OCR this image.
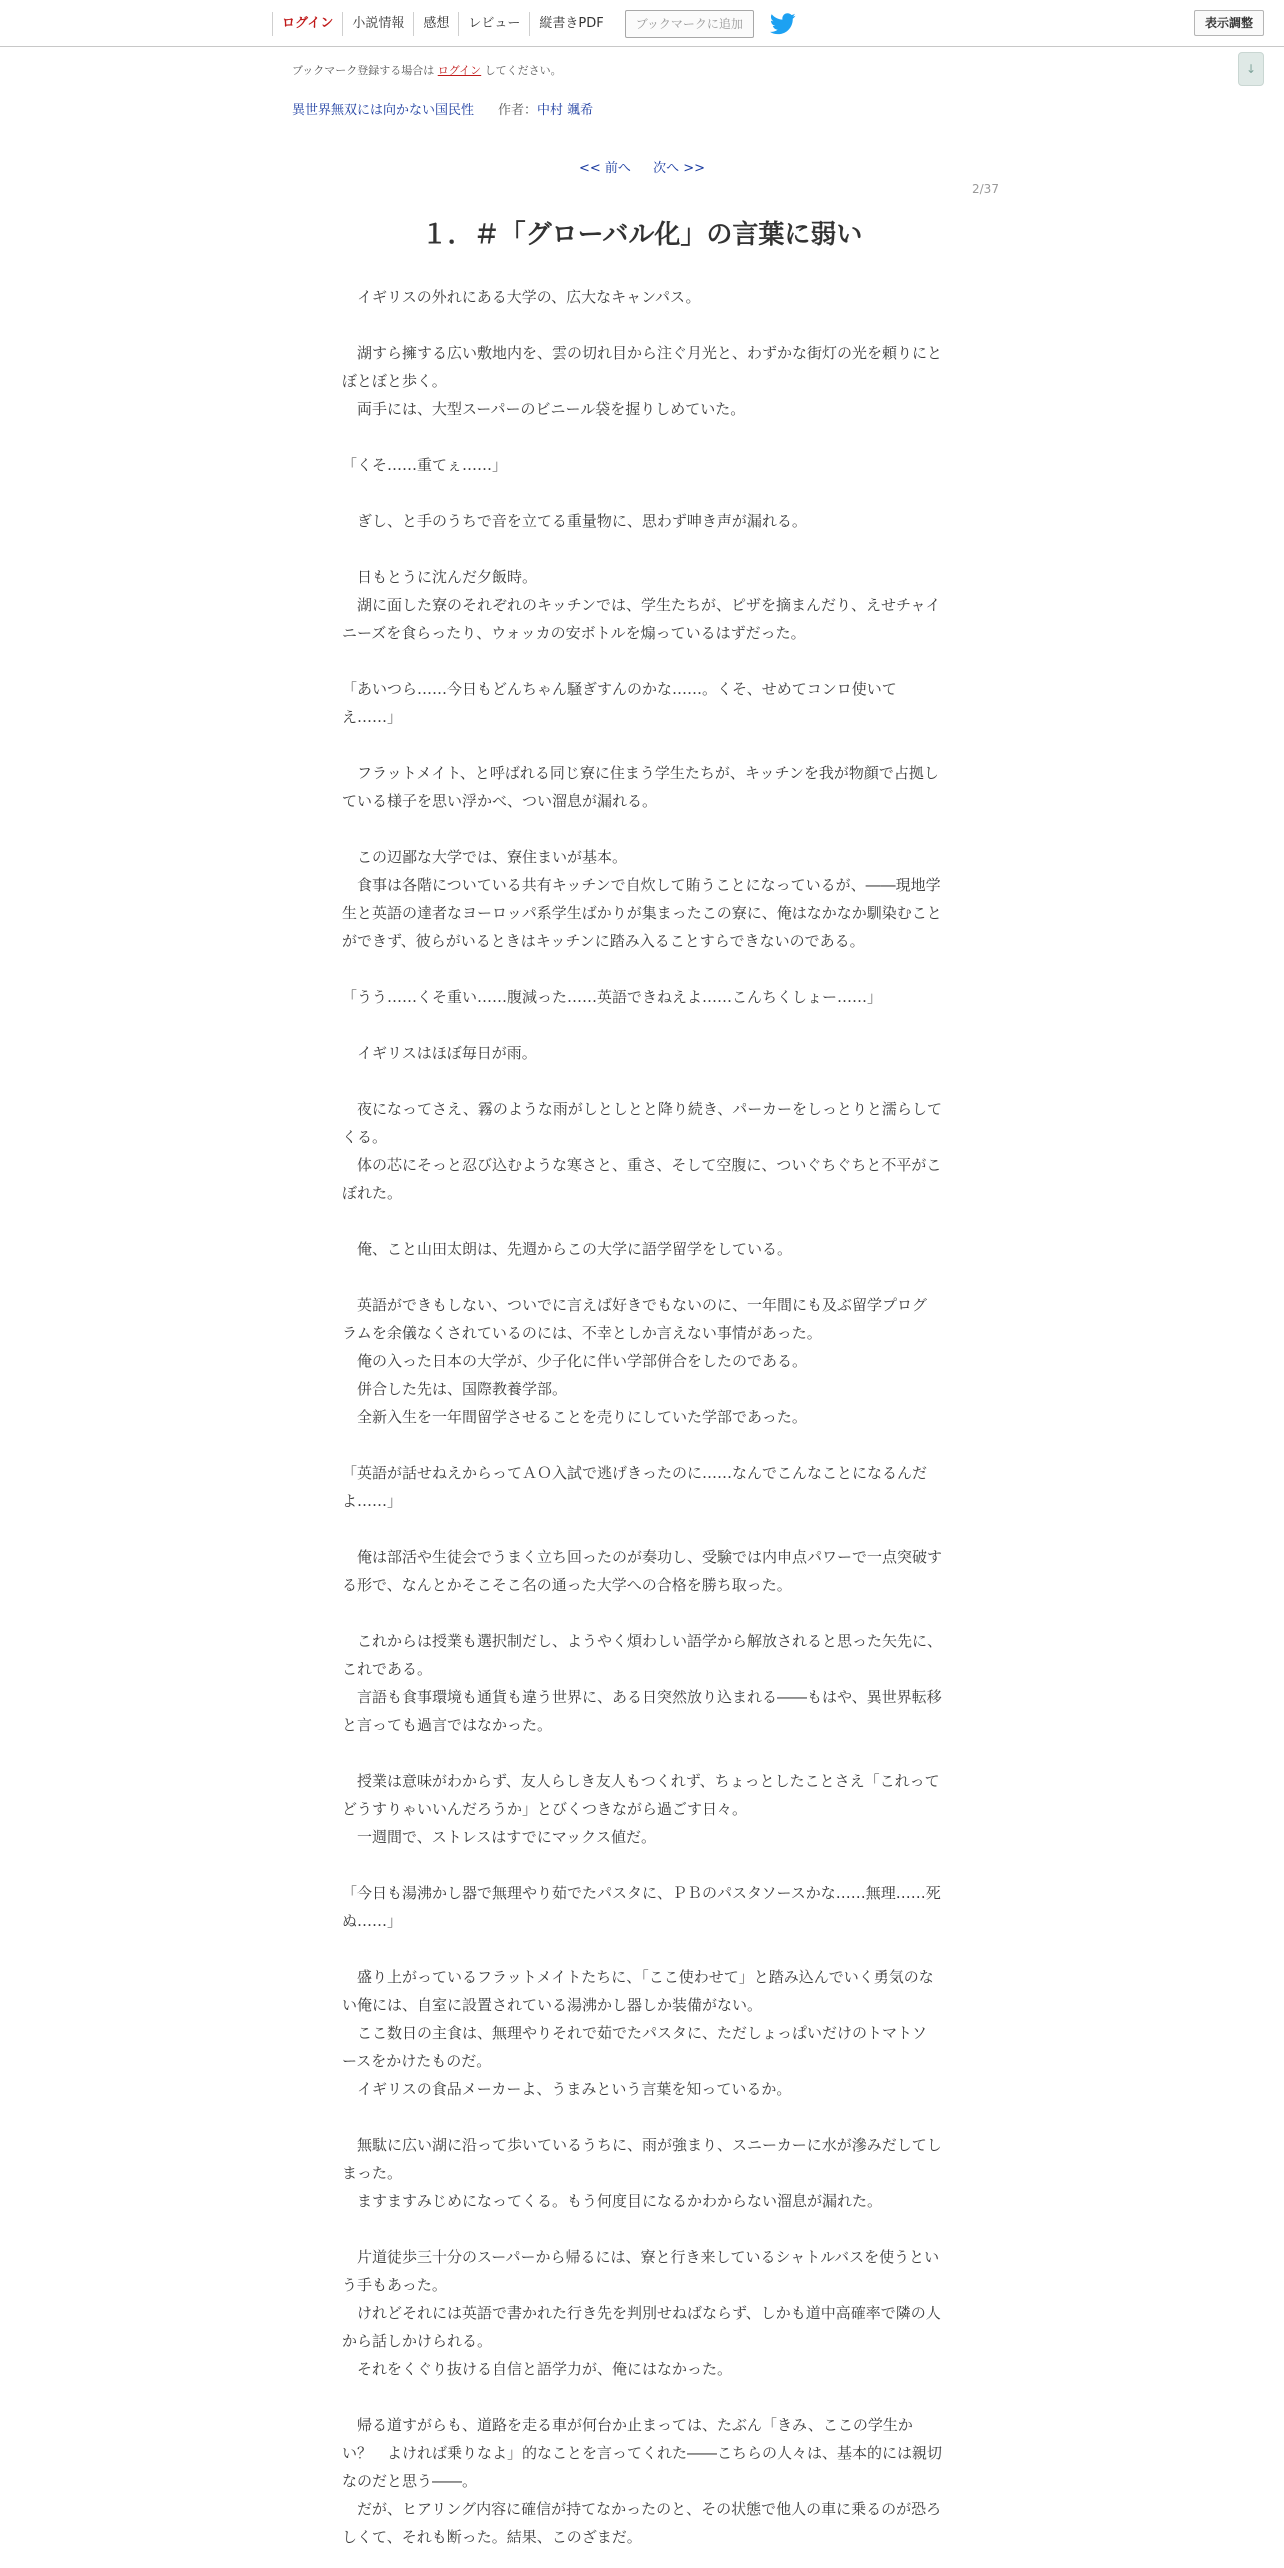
ログイン	小説情報	感想	レビュー	縦書きPDF	ブックマークに追加	表示調整
↓
ブックマーク登録する場合は ログイン してください。
異世界無双には向かない国民性 作者：中村 颯希
<< 前へ 次へ >>
2/37
１．＃「グローバル化」の言葉に弱い

　イギリスの外れにある大学の、広大なキャンパス。

　湖すら擁する広い敷地内を、雲の切れ目から注ぐ月光と、わずかな街灯の光を頼りにとぼとぼと歩く。

　両手には、大型スーパーのビニール袋を握りしめていた。

「くそ……重てぇ……」

　ぎし、と手のうちで音を立てる重量物に、思わず呻き声が漏れる。

　日もとうに沈んだ夕飯時。

　湖に面した寮のそれぞれのキッチンでは、学生たちが、ピザを摘まんだり、えせチャイニーズを食らったり、ウォッカの安ボトルを煽っているはずだった。

「あいつら……今日もどんちゃん騒ぎすんのかな……。くそ、せめてコンロ使いてえ……」

　フラットメイト、と呼ばれる同じ寮に住まう学生たちが、キッチンを我が物顔で占拠している様子を思い浮かべ、つい溜息が漏れる。

　この辺鄙な大学では、寮住まいが基本。

　食事は各階についている共有キッチンで自炊して賄うことになっているが、――現地学生と英語の達者なヨーロッパ系学生ばかりが集まったこの寮に、俺はなかなか馴染むことができず、彼らがいるときはキッチンに踏み入ることすらできないのである。

「うう……くそ重い……腹減った……英語できねえよ……こんちくしょー……」

　イギリスはほぼ毎日が雨。

　夜になってさえ、霧のような雨がしとしとと降り続き、パーカーをしっとりと濡らしてくる。

　体の芯にそっと忍び込むような寒さと、重さ、そして空腹に、ついぐちぐちと不平がこぼれた。

　俺、こと山田太朗は、先週からこの大学に語学留学をしている。

　英語ができもしない、ついでに言えば好きでもないのに、一年間にも及ぶ留学プログラムを余儀なくされているのには、不幸としか言えない事情があった。

　俺の入った日本の大学が、少子化に伴い学部併合をしたのである。

　併合した先は、国際教養学部。

　全新入生を一年間留学させることを売りにしていた学部であった。

「英語が話せねえからってＡＯ入試で逃げきったのに……なんでこんなことになるんだよ……」

　俺は部活や生徒会でうまく立ち回ったのが奏功し、受験では内申点パワーで一点突破する形で、なんとかそこそこ名の通った大学への合格を勝ち取った。

　これからは授業も選択制だし、ようやく煩わしい語学から解放されると思った矢先に、これである。

　言語も食事環境も通貨も違う世界に、ある日突然放り込まれる――もはや、異世界転移と言っても過言ではなかった。

　授業は意味がわからず、友人らしき友人もつくれず、ちょっとしたことさえ「これってどうすりゃいいんだろうか」とびくつきながら過ごす日々。

　一週間で、ストレスはすでにマックス値だ。

「今日も湯沸かし器で無理やり茹でたパスタに、ＰＢのパスタソースかな……無理……死ぬ……」

　盛り上がっているフラットメイトたちに、「ここ使わせて」と踏み込んでいく勇気のない俺には、自室に設置されている湯沸かし器しか装備がない。

　ここ数日の主食は、無理やりそれで茹でたパスタに、ただしょっぱいだけのトマトソースをかけたものだ。

　イギリスの食品メーカーよ、うまみという言葉を知っているか。

　無駄に広い湖に沿って歩いているうちに、雨が強まり、スニーカーに水が滲みだしてしまった。

　ますますみじめになってくる。もう何度目になるかわからない溜息が漏れた。

　片道徒歩三十分のスーパーから帰るには、寮と行き来しているシャトルバスを使うという手もあった。

　けれどそれには英語で書かれた行き先を判別せねばならず、しかも道中高確率で隣の人から話しかけられる。

　それをくぐり抜ける自信と語学力が、俺にはなかった。

　帰る道すがらも、道路を走る車が何台か止まっては、たぶん「きみ、ここの学生かい？　よければ乗りなよ」的なことを言ってくれた――こちらの人々は、基本的には親切なのだと思う――。

　だが、ヒアリング内容に確信が持てなかったのと、その状態で他人の車に乗るのが恐ろしくて、それも断った。結果、このざまだ。
